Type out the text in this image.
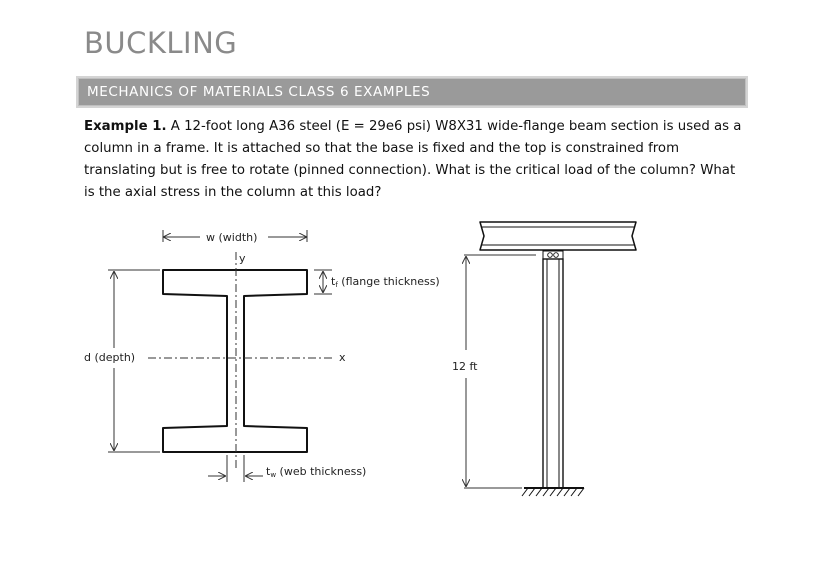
BUCKLING
MECHANICS OF MATERIALS CLASS 6 EXAMPLES

Example 1. A 12-foot long A36 steel (E = 29e6 psi) W8X31 wide-flange beam section is used as a column in a frame. It is attached so that the base is fixed and the top is constrained from translating but is free to rotate (pinned connection). What is the critical load of the column? What is the axial stress in the column at this load?

w (width)
y
tf (flange thickness)
d (depth)	x
tw (web thickness)
12 ft
